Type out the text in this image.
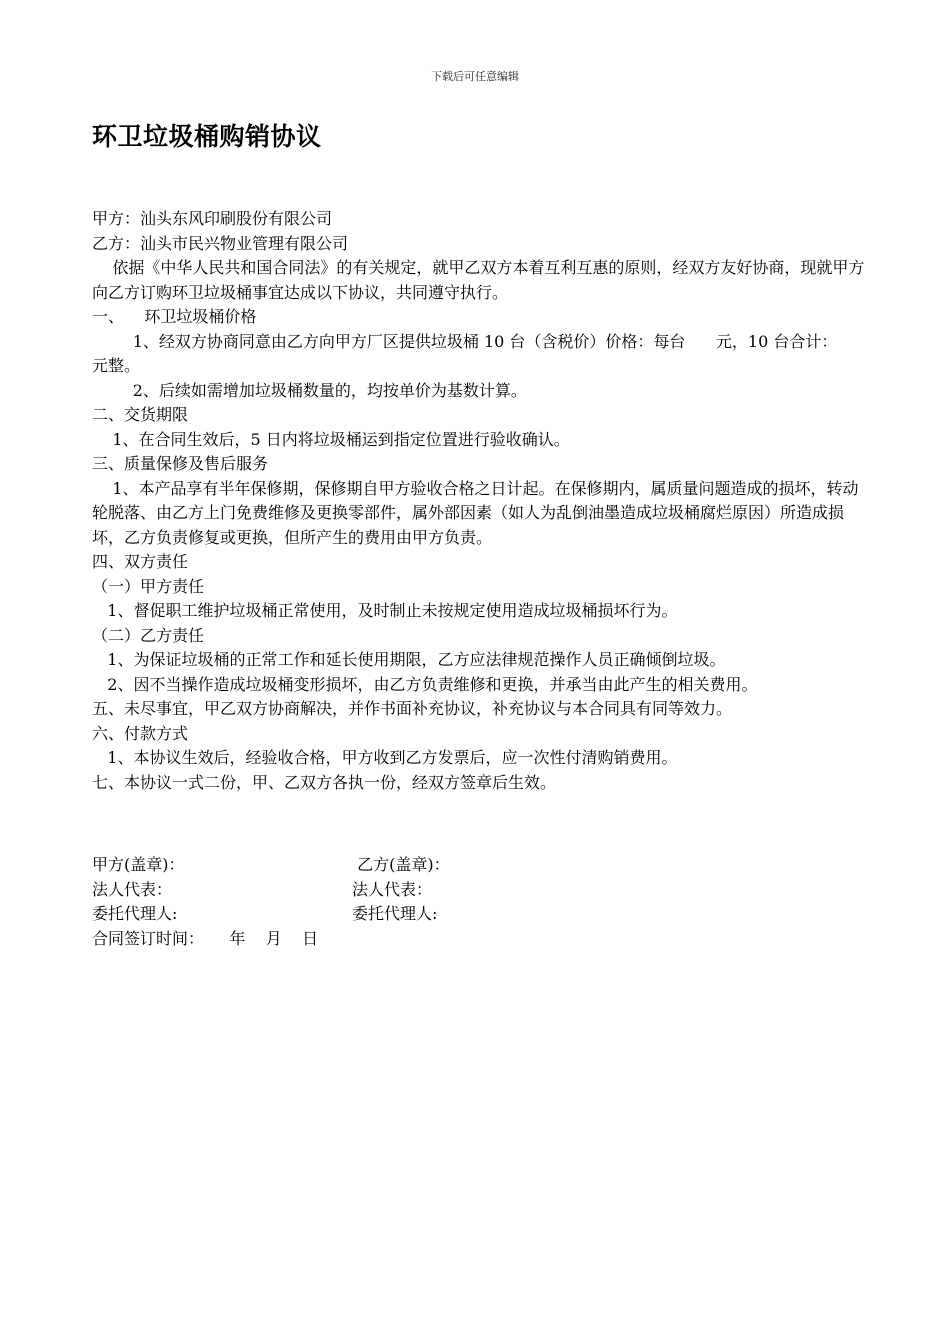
下载后可任意编辑
环卫垃圾桶购销协议

甲方：汕头东风印刷股份有限公司

乙方：汕头市民兴物业管理有限公司

依据《中华人民共和国合同法》的有关规定，就甲乙双方本着互利互惠的原则，经双方友好协商，现就甲方向乙方订购环卫垃圾桶事宜达成以下协议，共同遵守执行。

一、    环卫垃圾桶价格

1、经双方协商同意由乙方向甲方厂区提供垃圾桶 10 台（含税价）价格：每台      元，10 台合计：     元整。

2、后续如需增加垃圾桶数量的，均按单价为基数计算。

二、交货期限

1、在合同生效后，5 日内将垃圾桶运到指定位置进行验收确认。

三、质量保修及售后服务

1、本产品享有半年保修期，保修期自甲方验收合格之日计起。在保修期内，属质量问题造成的损坏，转动轮脱落、由乙方上门免费维修及更换零部件，属外部因素（如人为乱倒油墨造成垃圾桶腐烂原因）所造成损坏，乙方负责修复或更换，但所产生的费用由甲方负责。

四、双方责任

（一）甲方责任

1、督促职工维护垃圾桶正常使用，及时制止未按规定使用造成垃圾桶损坏行为。

（二）乙方责任

1、为保证垃圾桶的正常工作和延长使用期限，乙方应法律规范操作人员正确倾倒垃圾。

2、因不当操作造成垃圾桶变形损坏，由乙方负责维修和更换，并承当由此产生的相关费用。

五、未尽事宜，甲乙双方协商解决，并作书面补充协议，补充协议与本合同具有同等效力。

六、付款方式

1、本协议生效后，经验收合格，甲方收到乙方发票后，应一次性付清购销费用。

七、本协议一式二份，甲、乙双方各执一份，经双方签章后生效。

甲方(盖章)：	乙方(盖章)：
法人代表：	法人代表：
委托代理人:	委托代理人:
合同签订时间：     年    月    日
